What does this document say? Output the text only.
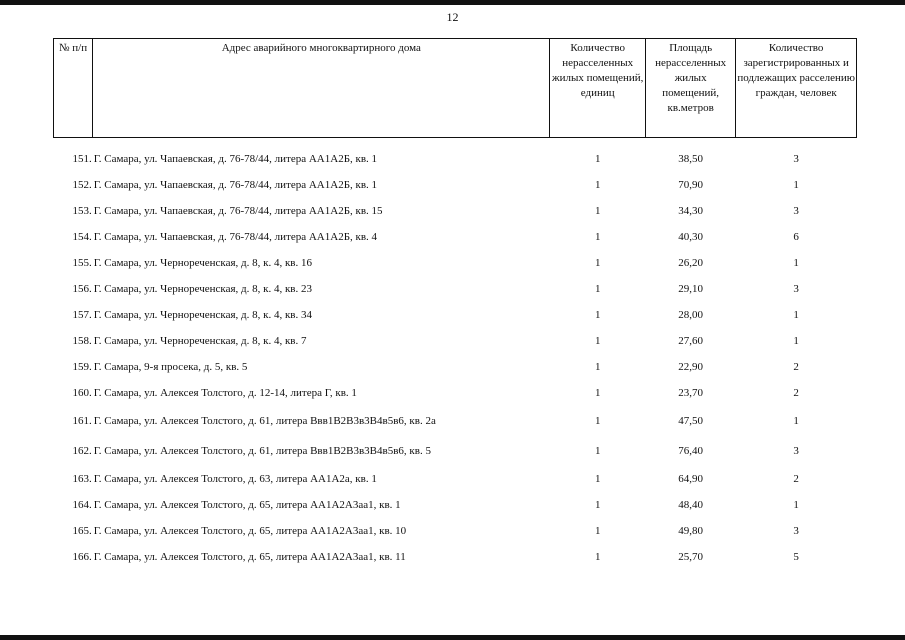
12
№ п/п	Адрес аварийного многоквартирного дома	Количество нерасселенных жилых помещений, единиц	Площадь нерасселенных жилых помещений, кв.метров	Количество зарегистрированных и подлежащих расселению граждан, человек

151.	Г. Самара, ул. Чапаевская, д. 76-78/44, литера АА1А2Б, кв. 1	1	38,50	3
152.	Г. Самара, ул. Чапаевская, д. 76-78/44, литера АА1А2Б, кв. 1	1	70,90	1
153.	Г. Самара, ул. Чапаевская, д. 76-78/44, литера АА1А2Б, кв. 15	1	34,30	3
154.	Г. Самара, ул. Чапаевская, д. 76-78/44, литера АА1А2Б, кв. 4	1	40,30	6
155.	Г. Самара, ул. Чернореченская, д. 8, к. 4, кв. 16	1	26,20	1
156.	Г. Самара, ул. Чернореченская, д. 8, к. 4, кв. 23	1	29,10	3
157.	Г. Самара, ул. Чернореченская, д. 8, к. 4, кв. 34	1	28,00	1
158.	Г. Самара, ул. Чернореченская, д. 8, к. 4, кв. 7	1	27,60	1
159.	Г. Самара, 9-я просека, д. 5, кв. 5	1	22,90	2
160.	Г. Самара, ул. Алексея Толстого, д. 12-14, литера Г, кв. 1	1	23,70	2
161.	Г. Самара, ул. Алексея Толстого, д. 61, литера Ввв1В2В3в3В4в5в6, кв. 2а	1	47,50	1
162.	Г. Самара, ул. Алексея Толстого, д. 61, литера Ввв1В2В3в3В4в5в6, кв. 5	1	76,40	3
163.	Г. Самара, ул. Алексея Толстого, д. 63, литера АА1А2а, кв. 1	1	64,90	2
164.	Г. Самара, ул. Алексея Толстого, д. 65, литера АА1А2А3аа1, кв. 1	1	48,40	1
165.	Г. Самара, ул. Алексея Толстого, д. 65, литера АА1А2А3аа1, кв. 10	1	49,80	3
166.	Г. Самара, ул. Алексея Толстого, д. 65, литера АА1А2А3аа1, кв. 11	1	25,70	5
